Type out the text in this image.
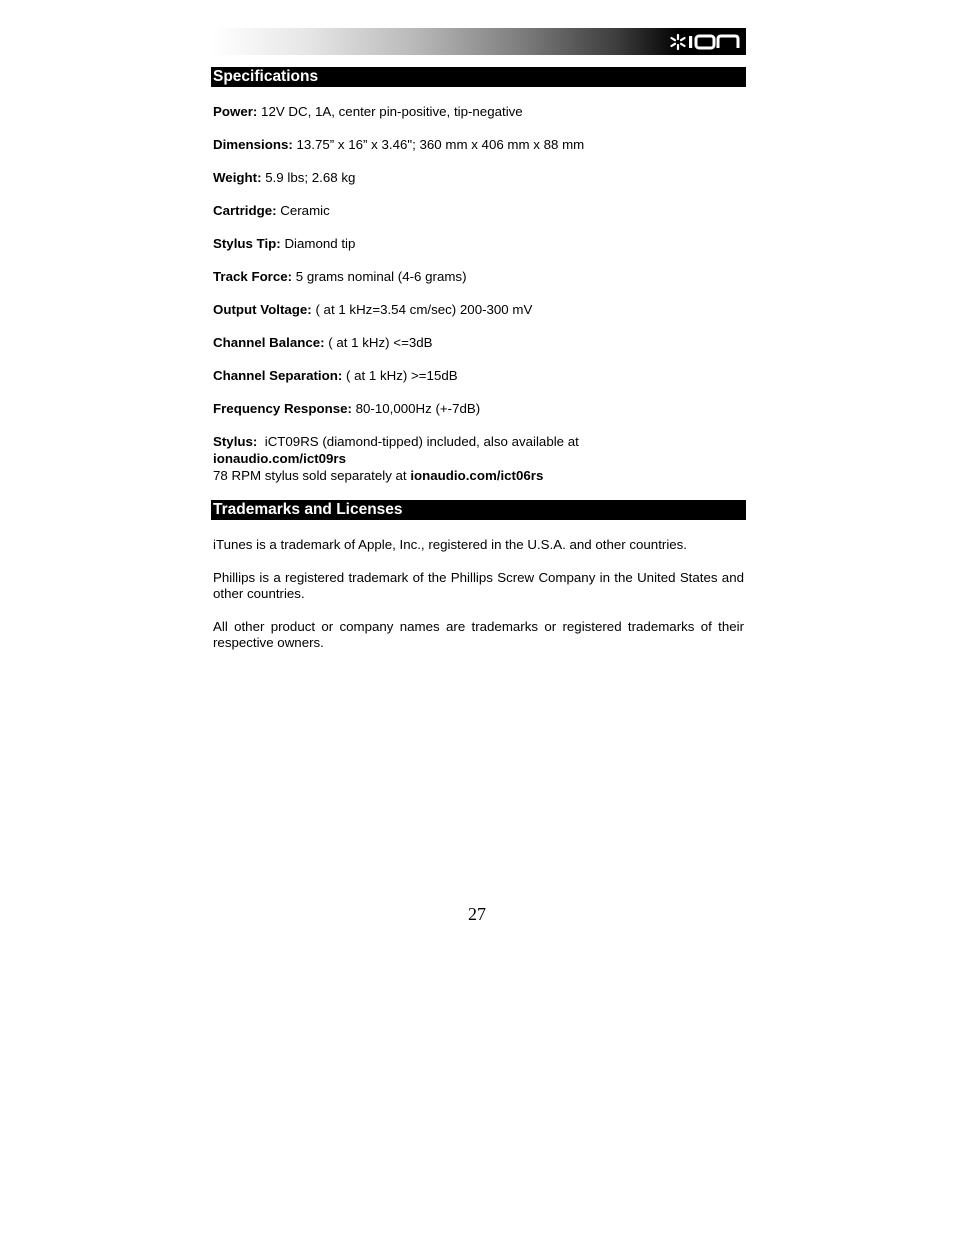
Specifications

Power: 12V DC, 1A, center pin-positive, tip-negative

Dimensions: 13.75” x 16” x 3.46"; 360 mm x 406 mm x 88 mm

Weight: 5.9 lbs; 2.68 kg

Cartridge: Ceramic

Stylus Tip: Diamond tip

Track Force: 5 grams nominal (4-6 grams)

Output Voltage: ( at 1 kHz=3.54 cm/sec) 200-300 mV

Channel Balance: ( at 1 kHz) <=3dB

Channel Separation: ( at 1 kHz) >=15dB

Frequency Response: 80-10,000Hz (+-7dB)

Stylus: iCT09RS (diamond-tipped) included, also available at
ionaudio.com/ict09rs
78 RPM stylus sold separately at ionaudio.com/ict06rs
Trademarks and Licenses

iTunes is a trademark of Apple, Inc., registered in the U.S.A. and other countries.

Phillips is a registered trademark of the Phillips Screw Company in the United States and other countries.

All other product or company names are trademarks or registered trademarks of their respective owners.

27
